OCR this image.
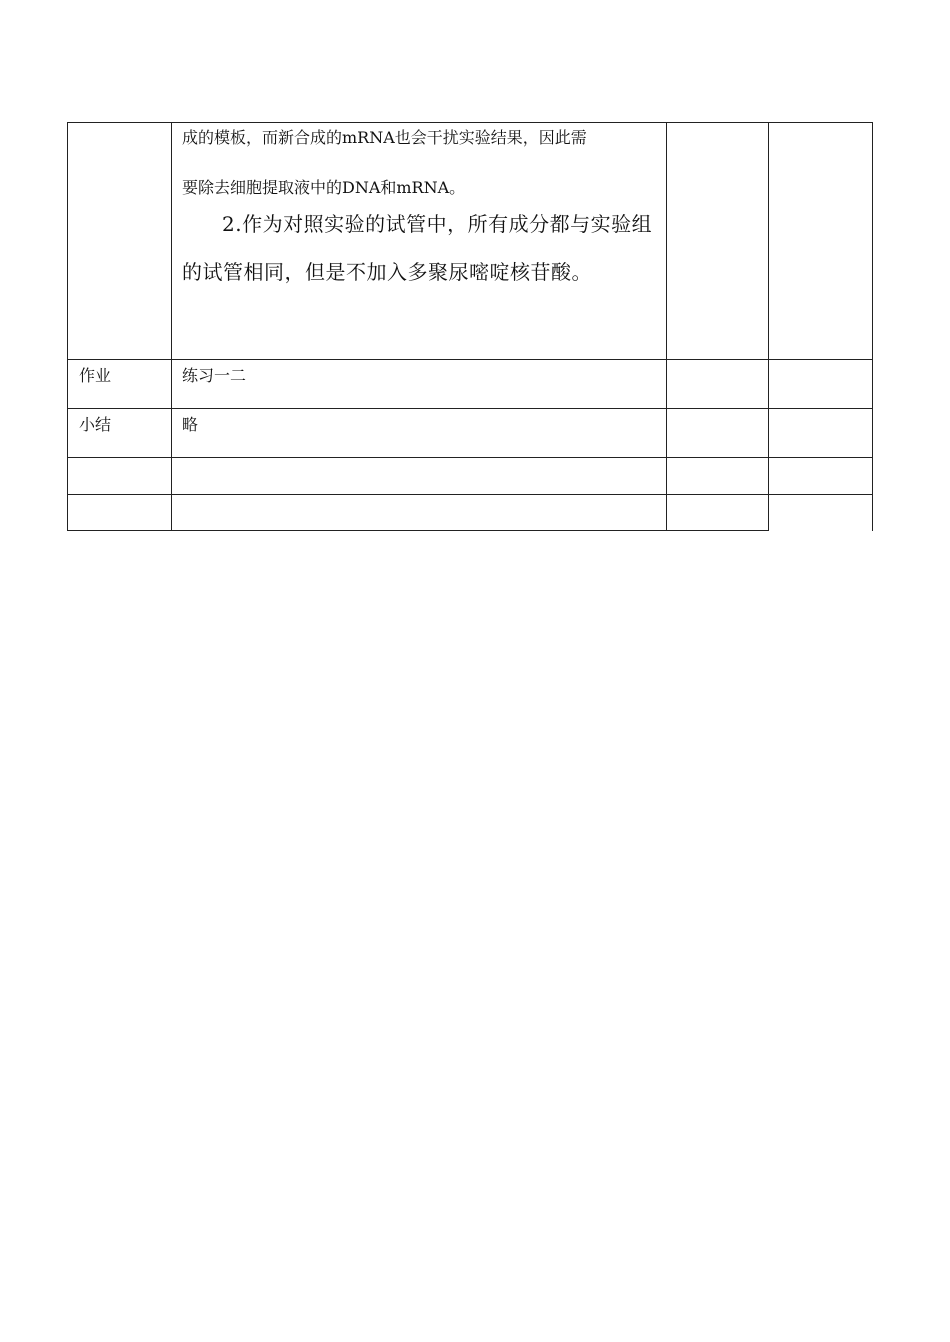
	成的模板，而新合成的mRNA也会干扰实验结果，因此需

要除去细胞提取液中的DNA和mRNA。

2.作为对照实验的试管中，所有成分都与实验组的试管相同，但是不加入多聚尿嘧啶核苷酸。		

作业	练习一二		
小结	略		
